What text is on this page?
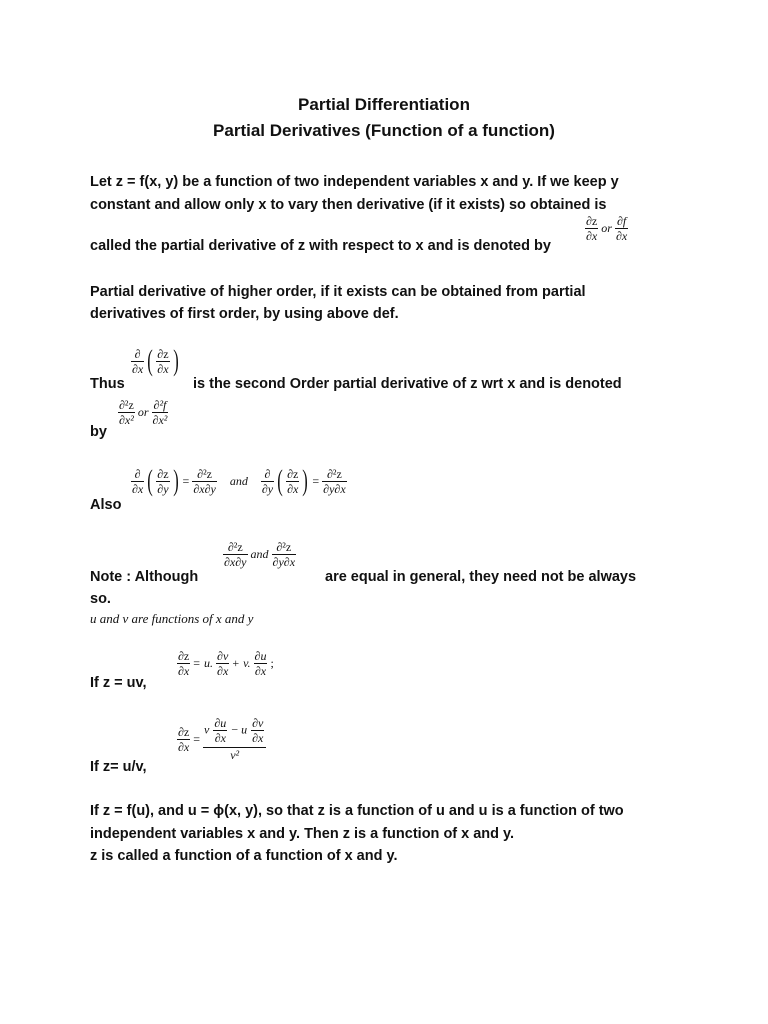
Partial Differentiation
Partial Derivatives (Function of a function)
Let z = f(x, y) be a function of two independent variables x and y. If we keep y
constant and allow only x to vary then derivative (if it exists) so obtained is
called the partial derivative of z with respect to x and is denoted by
$\frac{\partial z}{\partial x}$ or $\frac{\partial f}{\partial x}$
Partial derivative of higher order, if it exists can be obtained from partial
derivatives of first order, by using above def.
Thus
$\frac{\partial}{\partial x}$ ( $\frac{\partial z}{\partial x}$ )
is the second Order partial derivative of z wrt x and is denoted
$\frac{\text{∂²z}}{\text{∂x²}}$ or $\frac{\text{∂²f}}{\text{∂x²}}$
by
Also
$\frac{\partial}{\partial x}$ ( $\frac{\partial z}{\partial y}$ ) = $\frac{\text{∂²z}}{\partial x\partial y}$ and $\frac{\partial}{\partial y}$ ( $\frac{\partial z}{\partial x}$ ) = $\frac{\text{∂²z}}{\partial y\partial x}$
Note : Although
$\frac{\text{∂²z}}{\partial x\partial y}$ and $\frac{\text{∂²z}}{\partial y\partial x}$
are equal in general, they need not be always
so.
u and v are functions of x and y
If z = uv,
$\frac{\partial z}{\partial x} = u$. $\frac{\partial v}{\partial x} + v$. $\frac{\partial u}{\partial x}$ ;
If z= u/v,
$\frac{\partial z}{\partial x}$ =
v $\frac{\partial u}{\partial x} - u \frac{\partial v}{\partial x}$
v²
If z = f(u), and u = ϕ(x, y), so that z is a function of u and u is a function of two
independent variables x and y. Then z is a function of x and y.
z is called a function of a function of x and y.
